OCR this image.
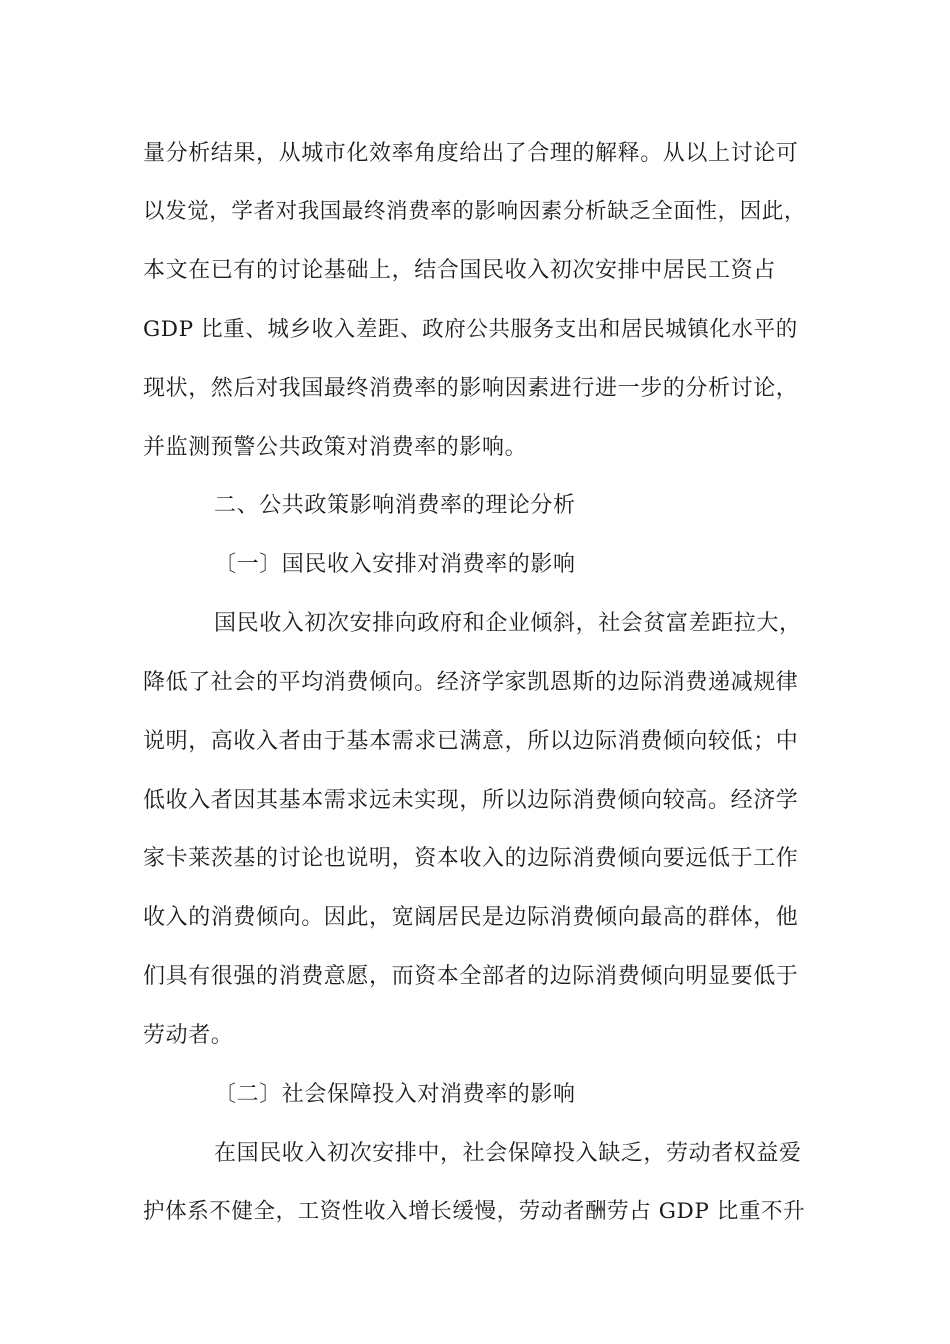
量分析结果，从城市化效率角度给出了合理的解释。从以上讨论可
以发觉，学者对我国最终消费率的影响因素分析缺乏全面性，因此，
本文在已有的讨论基础上，结合国民收入初次安排中居民工资占
GDP 比重、城乡收入差距、政府公共服务支出和居民城镇化水平的
现状，然后对我国最终消费率的影响因素进行进一步的分析讨论，
并监测预警公共政策对消费率的影响。
二、公共政策影响消费率的理论分析
〔一〕国民收入安排对消费率的影响
国民收入初次安排向政府和企业倾斜，社会贫富差距拉大，
降低了社会的平均消费倾向。经济学家凯恩斯的边际消费递减规律
说明，高收入者由于基本需求已满意，所以边际消费倾向较低；中
低收入者因其基本需求远未实现，所以边际消费倾向较高。经济学
家卡莱茨基的讨论也说明，资本收入的边际消费倾向要远低于工作
收入的消费倾向。因此，宽阔居民是边际消费倾向最高的群体，他
们具有很强的消费意愿，而资本全部者的边际消费倾向明显要低于
劳动者。
〔二〕社会保障投入对消费率的影响
在国民收入初次安排中，社会保障投入缺乏，劳动者权益爱
护体系不健全，工资性收入增长缓慢，劳动者酬劳占 GDP 比重不升
